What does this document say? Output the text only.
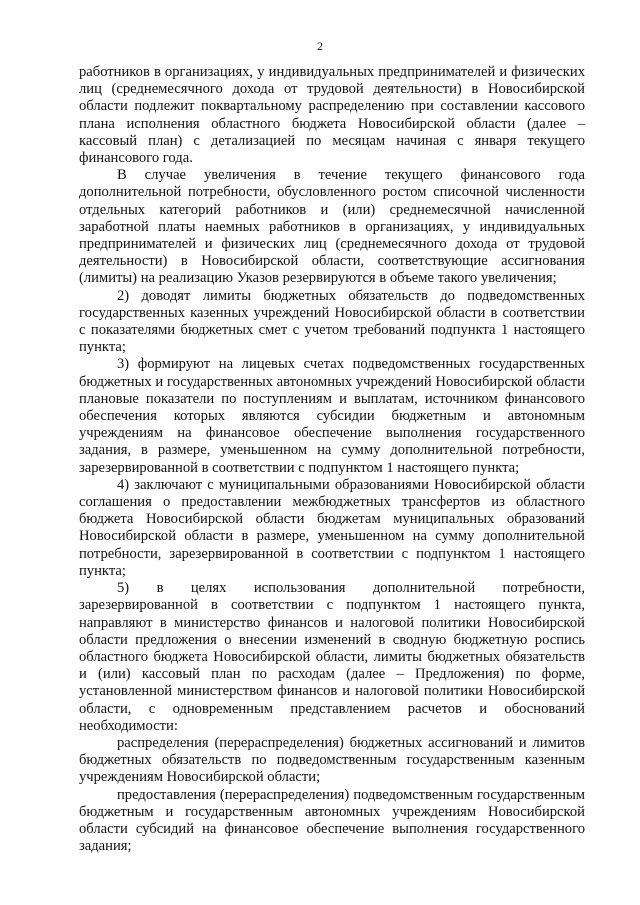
2

работников в организациях, у индивидуальных предпринимателей и физических лиц (среднемесячного дохода от трудовой деятельности) в Новосибирской области подлежит поквартальному распределению при составлении кассового плана исполнения областного бюджета Новосибирской области (далее – кассовый план) с детализацией по месяцам начиная с января текущего финансового года.

В случае увеличения в течение текущего финансового года дополнительной потребности, обусловленного ростом списочной численности отдельных категорий работников и (или) среднемесячной начисленной заработной платы наемных работников в организациях, у индивидуальных предпринимателей и физических лиц (среднемесячного дохода от трудовой деятельности) в Новосибирской области, соответствующие ассигнования (лимиты) на реализацию Указов резервируются в объеме такого увеличения;

2) доводят лимиты бюджетных обязательств до подведомственных государственных казенных учреждений Новосибирской области в соответствии с показателями бюджетных смет с учетом требований подпункта 1 настоящего пункта;

3) формируют на лицевых счетах подведомственных государственных бюджетных и государственных автономных учреждений Новосибирской области плановые показатели по поступлениям и выплатам, источником финансового обеспечения которых являются субсидии бюджетным и автономным учреждениям на финансовое обеспечение выполнения государственного задания, в размере, уменьшенном на сумму дополнительной потребности, зарезервированной в соответствии с подпунктом 1 настоящего пункта;

4) заключают с муниципальными образованиями Новосибирской области соглашения о предоставлении межбюджетных трансфертов из областного бюджета Новосибирской области бюджетам муниципальных образований Новосибирской области в размере, уменьшенном на сумму дополнительной потребности, зарезервированной в соответствии с подпунктом 1 настоящего пункта;

5) в целях использования дополнительной потребности, зарезервированной в соответствии с подпунктом 1 настоящего пункта, направляют в министерство финансов и налоговой политики Новосибирской области предложения о внесении изменений в сводную бюджетную роспись областного бюджета Новосибирской области, лимиты бюджетных обязательств и (или) кассовый план по расходам (далее – Предложения) по форме, установленной министерством финансов и налоговой политики Новосибирской области, с одновременным представлением расчетов и обоснований необходимости:

распределения (перераспределения) бюджетных ассигнований и лимитов бюджетных обязательств по подведомственным государственным казенным учреждениям Новосибирской области;

предоставления (перераспределения) подведомственным государственным бюджетным и государственным автономных учреждениям Новосибирской области субсидий на финансовое обеспечение выполнения государственного задания;
